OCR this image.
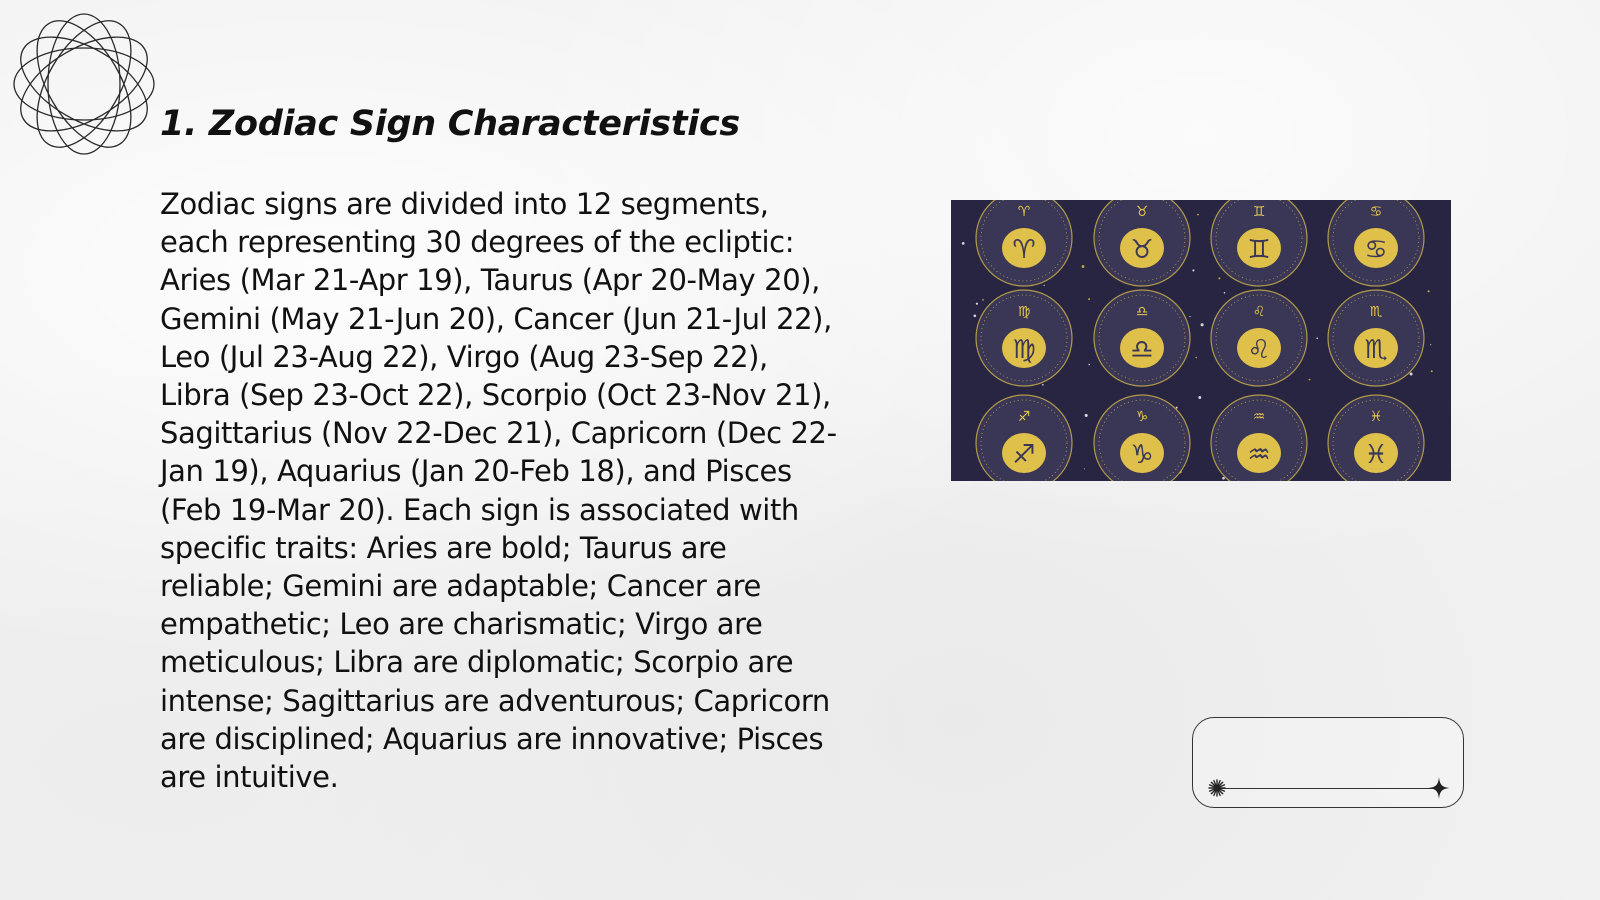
1. Zodiac Sign Characteristics

Zodiac signs are divided into 12 segments, each representing 30 degrees of the ecliptic: Aries (Mar 21-Apr 19), Taurus (Apr 20-May 20), Gemini (May 21-Jun 20), Cancer (Jun 21-Jul 22), Leo (Jul 23-Aug 22), Virgo (Aug 23-Sep 22), Libra (Sep 23-Oct 22), Scorpio (Oct 23-Nov 21), Sagittarius (Nov 22-Dec 21), Capricorn (Dec 22-Jan 19), Aquarius (Jan 20-Feb 18), and Pisces (Feb 19-Mar 20). Each sign is associated with specific traits: Aries are bold; Taurus are reliable; Gemini are adaptable; Cancer are empathetic; Leo are charismatic; Virgo are meticulous; Libra are diplomatic; Scorpio are intense; Sagittarius are adventurous; Capricorn are disciplined; Aquarius are innovative; Pisces are intuitive.

♈
♈
♉
♉
♊
♊
♋
♋
♍
♍
♎
♎
♌
♌
♏
♏
♐
♐
♑
♑
♒
♒
♓
♓
